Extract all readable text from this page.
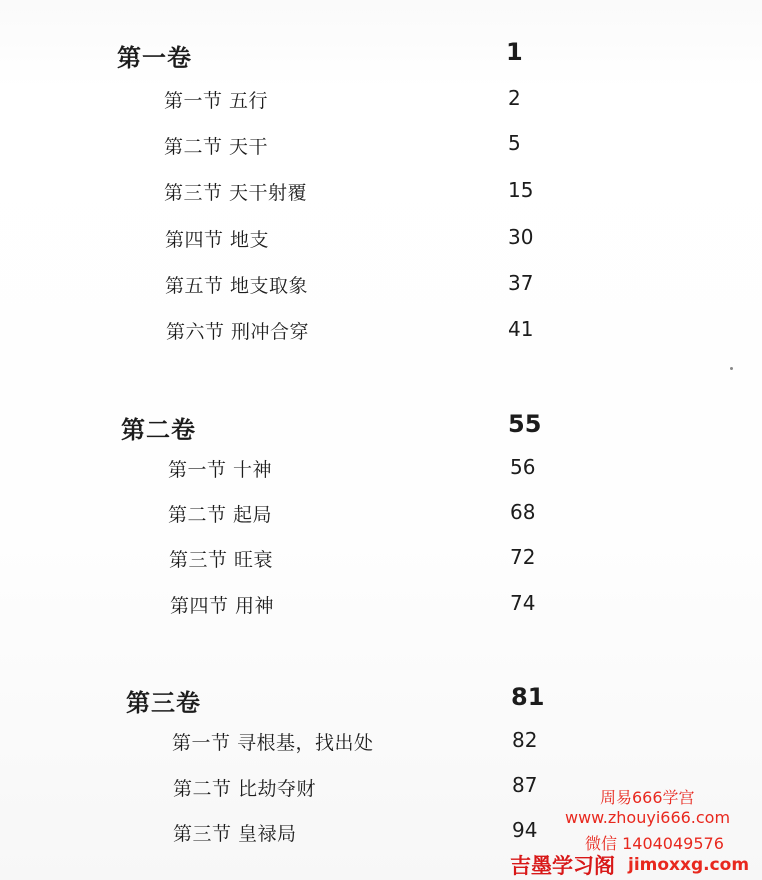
第一卷	1
第一节 五行	2
第二节 天干	5
第三节 天干射覆	15
第四节 地支	30
第五节 地支取象	37
第六节 刑冲合穿	41
第二卷	55
第一节 十神	56
第二节 起局	68
第三节 旺衰	72
第四节 用神	74
第三卷	81
第一节 寻根基，找出处	82
第二节 比劫夺财	87
第三节 皇禄局	94
周易666学宫
www.zhouyi666.com
微信 1404049576
吉墨学习阁 jimoxxg.com
